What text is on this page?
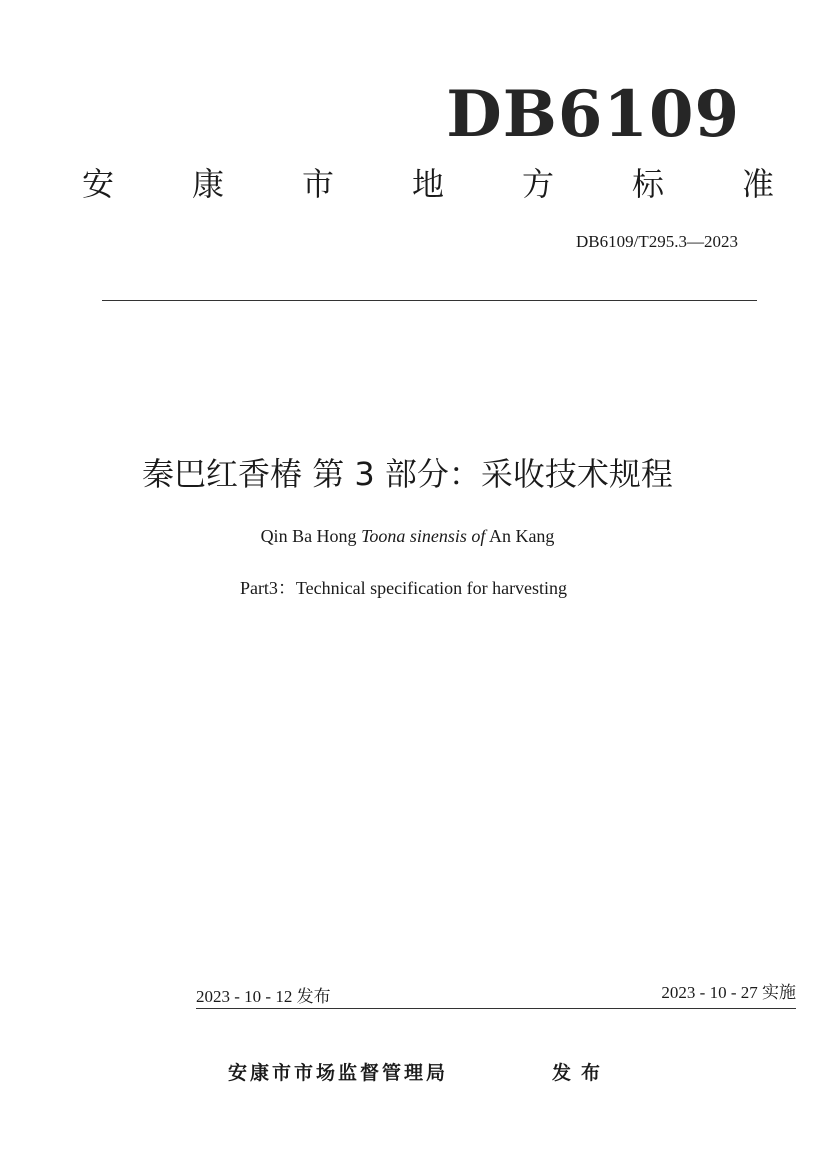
DB6109
安	康	市	地	方	标	准
DB6109/T295.3—2023
秦巴红香椿 第 3 部分：采收技术规程
Qin Ba Hong Toona sinensis of An Kang
Part3：Technical specification for harvesting
2023 - 10 - 12 发布	2023 - 10 - 27 实施
安康市市场监督管理局	发布
